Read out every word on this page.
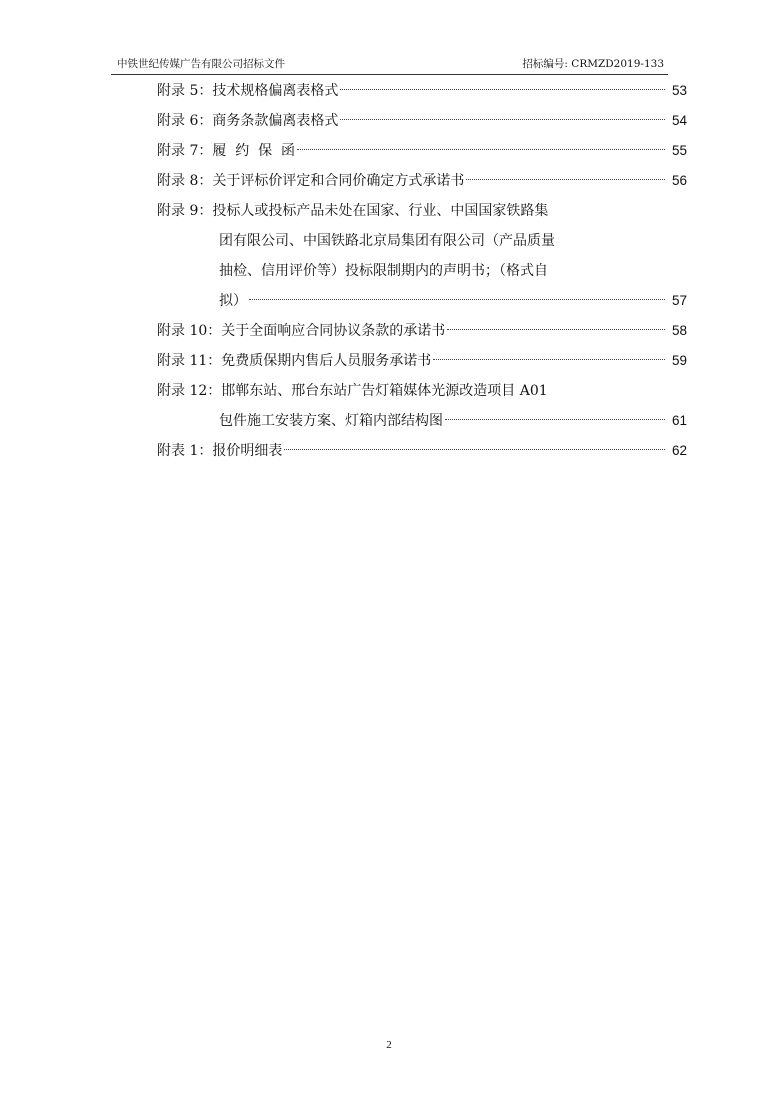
中铁世纪传媒广告有限公司招标文件	招标编号: CRMZD2019-133
附录 5： 技术规格偏离表格式	53
附录 6： 商务条款偏离表格式	54
附录 7： 履  约  保  函	55
附录 8： 关于评标价评定和合同价确定方式承诺书	56
附录 9： 投标人或投标产品未处在国家、行业、中国国家铁路集
团有限公司、中国铁路北京局集团有限公司（产品质量
抽检、信用评价等）投标限制期内的声明书；（格式自
拟）	57
附录 10： 关于全面响应合同协议条款的承诺书	58
附录 11： 免费质保期内售后人员服务承诺书	59
附录 12： 邯郸东站、邢台东站广告灯箱媒体光源改造项目 A01
包件施工安装方案、灯箱内部结构图	61
附表 1： 报价明细表	62
2
